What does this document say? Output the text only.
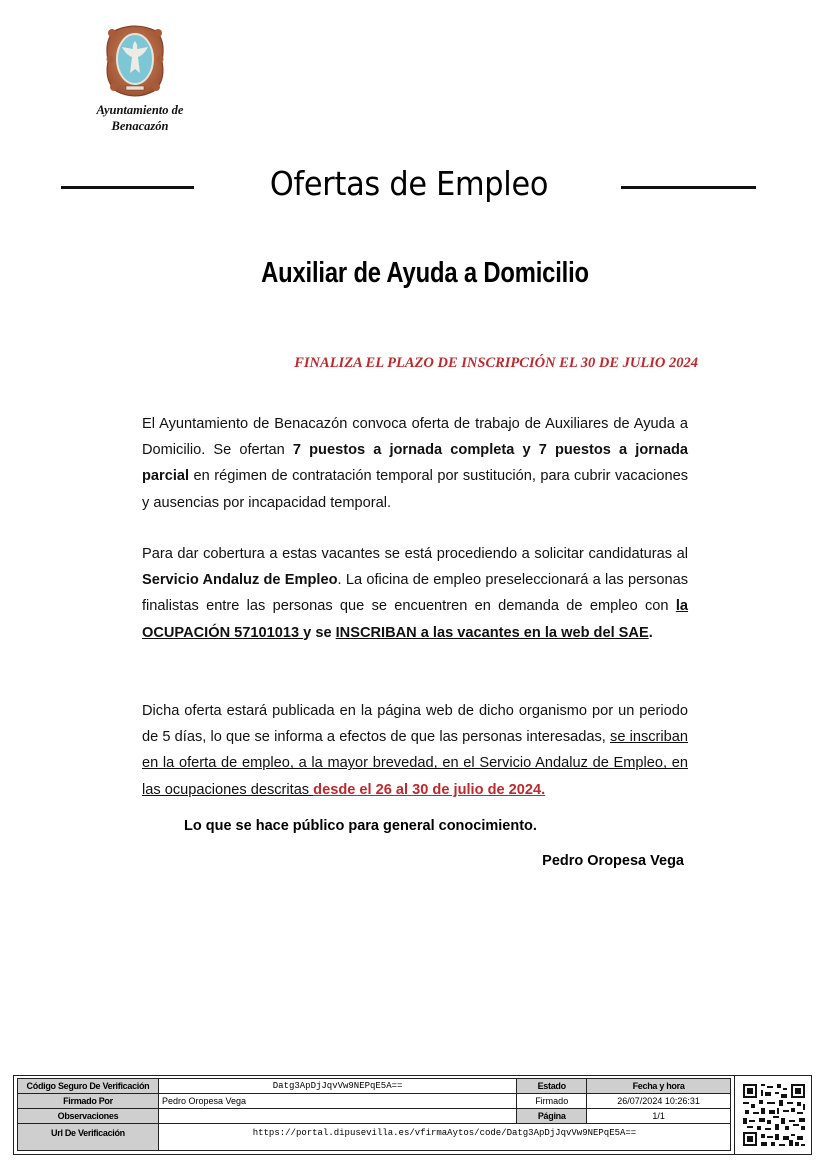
Ayuntamiento de
Benacazón
Ofertas de Empleo
Auxiliar de Ayuda a Domicilio
FINALIZA EL PLAZO DE INSCRIPCIÓN EL 30 DE JULIO 2024
El Ayuntamiento de Benacazón convoca oferta de trabajo de Auxiliares de Ayuda a Domicilio. Se ofertan 7 puestos a jornada completa y 7 puestos a jornada parcial en régimen de contratación temporal por sustitución, para cubrir vacaciones y ausencias por incapacidad temporal.
Para dar cobertura a estas vacantes se está procediendo a solicitar candidaturas al Servicio Andaluz de Empleo. La oficina de empleo preseleccionará a las personas finalistas entre las personas que se encuentren en demanda de empleo con la OCUPACIÓN 57101013 y se INSCRIBAN a las vacantes en la web del SAE.
Dicha oferta estará publicada en la página web de dicho organismo por un periodo de 5 días, lo que se informa a efectos de que las personas interesadas, se inscriban en la oferta de empleo, a la mayor brevedad, en el Servicio Andaluz de Empleo, en las ocupaciones descritas desde el 26 al 30 de julio de 2024.
Lo que se hace público para general conocimiento.
Pedro Oropesa Vega
Código Seguro De Verificación	Datg3ApDjJqvVw9NEPqE5A==	Estado	Fecha y hora
Firmado Por	Pedro Oropesa Vega	Firmado	26/07/2024 10:26:31
Observaciones		Página	1/1
Url De Verificación	https://portal.dipusevilla.es/vfirmaAytos/code/Datg3ApDjJqvVw9NEPqE5A==		
